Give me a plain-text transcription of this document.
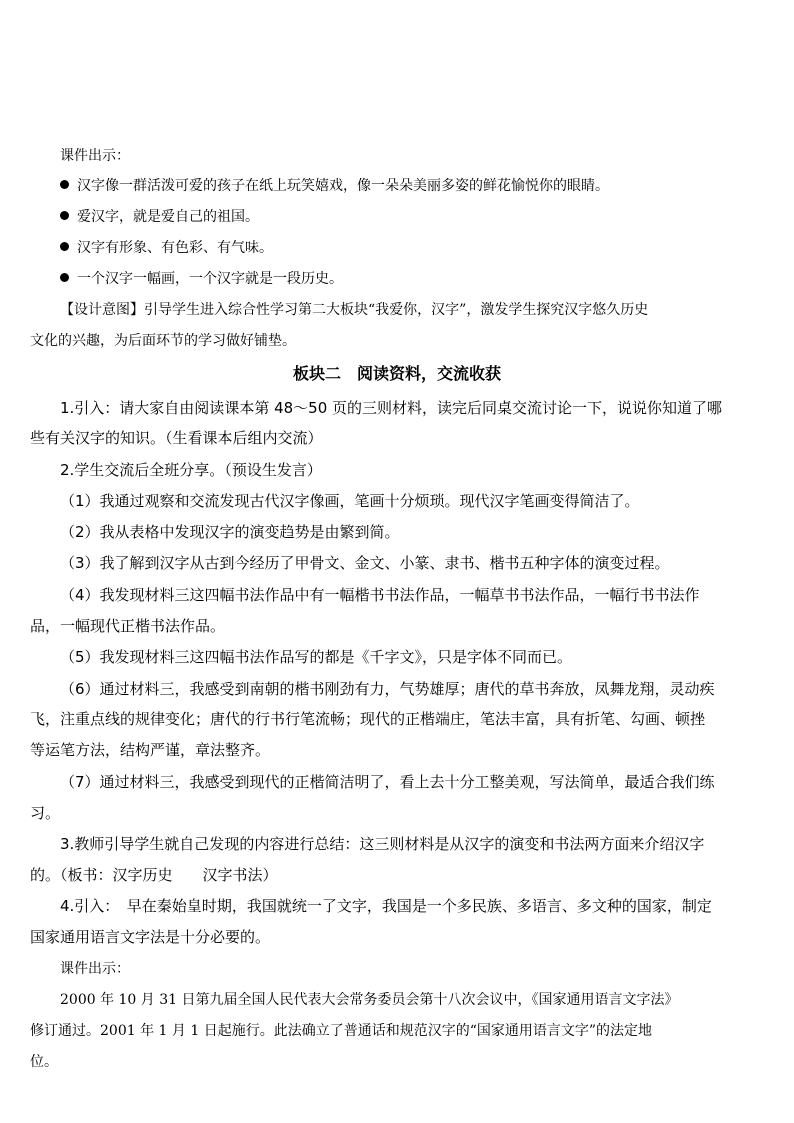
课件出示：
汉字像一群活泼可爱的孩子在纸上玩笑嬉戏，像一朵朵美丽多姿的鲜花愉悦你的眼睛。
爱汉字，就是爱自己的祖国。
汉字有形象、有色彩、有气味。
一个汉字一幅画，一个汉字就是一段历史。
【设计意图】引导学生进入综合性学习第二大板块“我爱你，汉字”，激发学生探究汉字悠久历史
文化的兴趣，为后面环节的学习做好铺垫。
板块二　阅读资料，交流收获
1.引入：请大家自由阅读课本第 48～50 页的三则材料，读完后同桌交流讨论一下，说说你知道了哪
些有关汉字的知识。（生看课本后组内交流）
2.学生交流后全班分享。（预设生发言）
（1）我通过观察和交流发现古代汉字像画，笔画十分烦琐。现代汉字笔画变得简洁了。
（2）我从表格中发现汉字的演变趋势是由繁到简。
（3）我了解到汉字从古到今经历了甲骨文、金文、小篆、隶书、楷书五种字体的演变过程。
（4）我发现材料三这四幅书法作品中有一幅楷书书法作品，一幅草书书法作品，一幅行书书法作
品，一幅现代正楷书法作品。
（5）我发现材料三这四幅书法作品写的都是《千字文》，只是字体不同而已。
（6）通过材料三，我感受到南朝的楷书刚劲有力，气势雄厚；唐代的草书奔放，凤舞龙翔，灵动疾
飞，注重点线的规律变化；唐代的行书行笔流畅；现代的正楷端庄，笔法丰富，具有折笔、勾画、顿挫
等运笔方法，结构严谨，章法整齐。
（7）通过材料三，我感受到现代的正楷简洁明了，看上去十分工整美观，写法简单，最适合我们练
习。
3.教师引导学生就自己发现的内容进行总结：这三则材料是从汉字的演变和书法两方面来介绍汉字
的。（板书：汉字历史　　汉字书法）
4.引入：　早在秦始皇时期，我国就统一了文字，我国是一个多民族、多语言、多文种的国家，制定
国家通用语言文字法是十分必要的。
课件出示：
2000 年 10 月 31 日第九届全国人民代表大会常务委员会第十八次会议中，《国家通用语言文字法》
修订通过。2001 年 1 月 1 日起施行。此法确立了普通话和规范汉字的“国家通用语言文字”的法定地
位。
